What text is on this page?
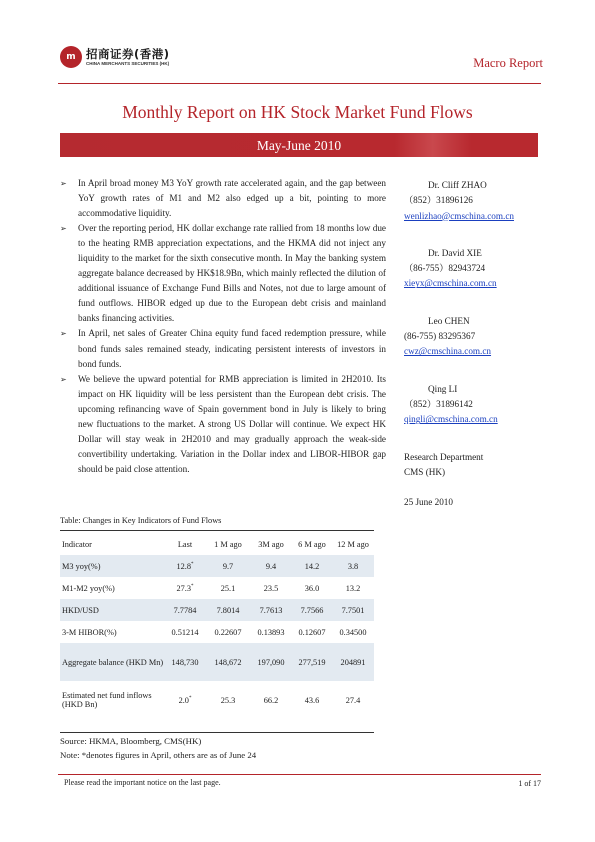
m 招商证券(香港)
CHINA MERCHANTS SECURITIES (HK)	Macro Report
Monthly Report on HK Stock Market Fund Flows
May-June 2010
➢ In April broad money M3 YoY growth rate accelerated again, and the gap between YoY growth rates of M1 and M2 also edged up a bit, pointing to more accommodative liquidity.
➢ Over the reporting period, HK dollar exchange rate rallied from 18 months low due to the heating RMB appreciation expectations, and the HKMA did not inject any liquidity to the market for the sixth consecutive month. In May the banking system aggregate balance decreased by HK$18.9Bn, which mainly reflected the dilution of additional issuance of Exchange Fund Bills and Notes, not due to large amount of fund outflows. HIBOR edged up due to the European debt crisis and mainland banks financing activities.
➢ In April, net sales of Greater China equity fund faced redemption pressure, while bond funds sales remained steady, indicating persistent interests of investors in bond funds.
➢ We believe the upward potential for RMB appreciation is limited in 2H2010. Its impact on HK liquidity will be less persistent than the European debt crisis. The upcoming refinancing wave of Spain government bond in July is likely to bring new fluctuations to the market. A strong US Dollar will continue. We expect HK Dollar will stay weak in 2H2010 and may gradually approach the weak-side convertibility undertaking. Variation in the Dollar index and LIBOR-HIBOR gap should be paid close attention.
Dr. Cliff ZHAO
（852）31896126
wenlizhao@cmschina.com.cn
Dr. David XIE
（86-755）82943724
xieyx@cmschina.com.cn
Leo CHEN
(86-755) 83295367
cwz@cmschina.com.cn
Qing LI
（852）31896142
qingli@cmschina.com.cn
Research Department
CMS (HK)
25 June 2010
Table: Changes in Key Indicators of Fund Flows
Indicator	Last	1 M ago	3M ago	6 M ago	12 M ago
M3 yoy(%)	12.8*	9.7	9.4	14.2	3.8
M1-M2 yoy(%)	27.3*	25.1	23.5	36.0	13.2
HKD/USD	7.7784	7.8014	7.7613	7.7566	7.7501
3-M HIBOR(%)	0.51214	0.22607	0.13893	0.12607	0.34500
Aggregate balance (HKD Mn)	148,730	148,672	197,090	277,519	204891
Estimated net fund inflows (HKD Bn)	2.0*	25.3	66.2	43.6	27.4
Source: HKMA, Bloomberg, CMS(HK)
Note: *denotes figures in April, others are as of June 24
Please read the important notice on the last page.	1 of 17
